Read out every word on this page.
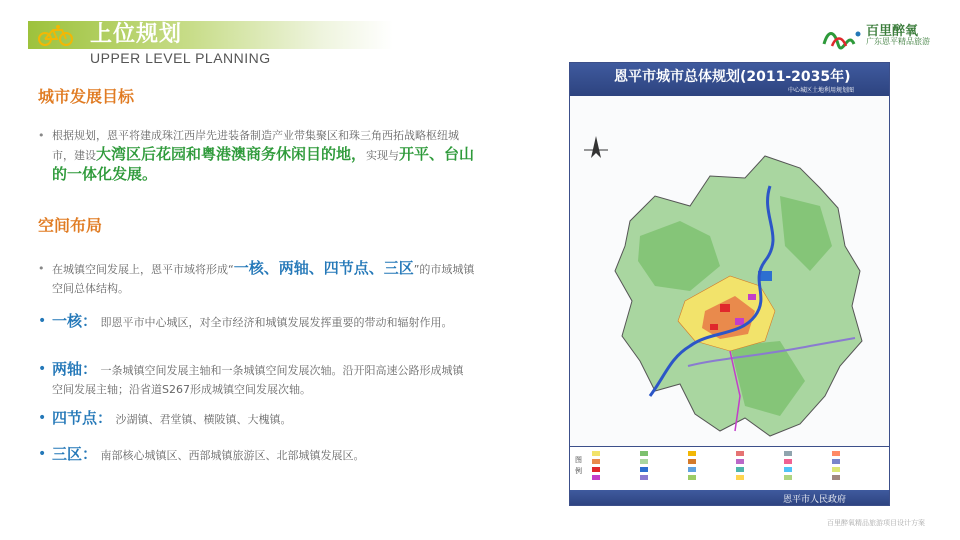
上位规划
UPPER LEVEL PLANNING
百里醉氧
广东恩平精品旅游
城市发展目标
• 根据规划，恩平将建成珠江西岸先进装备制造产业带集聚区和珠三角西拓战略枢纽城市，建设大湾区后花园和粤港澳商务休闲目的地，实现与开平、台山的一体化发展。
空间布局
• 在城镇空间发展上，恩平市域将形成“一核、两轴、四节点、三区”的市域城镇空间总体结构。
• 一核： 即恩平市中心城区，对全市经济和城镇发展发挥重要的带动和辐射作用。
• 两轴： 一条城镇空间发展主轴和一条城镇空间发展次轴。沿开阳高速公路形成城镇空间发展主轴；沿省道S267形成城镇空间发展次轴。
• 四节点： 沙湖镇、君堂镇、横陂镇、大槐镇。
• 三区： 南部核心城镇区、西部城镇旅游区、北部城镇发展区。
恩平市城市总体规划(2011-2035年)
中心城区土地利用规划图
图例
恩平市人民政府
百里醉氧精品旅游项目设计方案
